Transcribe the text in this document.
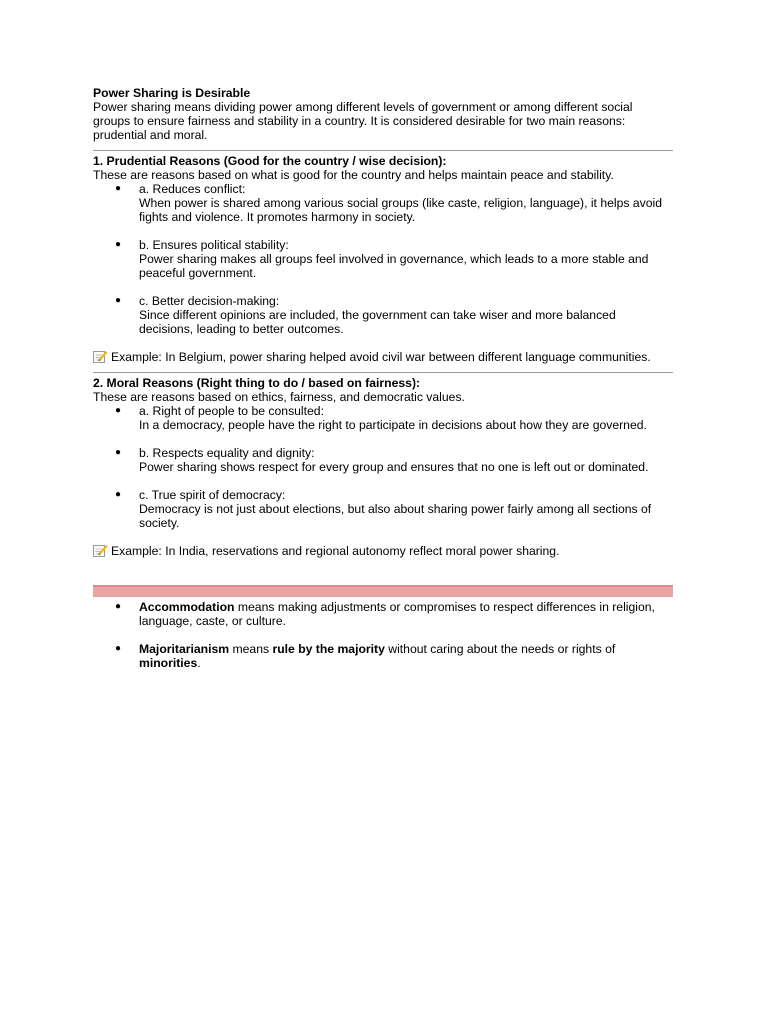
Power Sharing is Desirable

Power sharing means dividing power among different levels of government or among different social groups to ensure fairness and stability in a country. It is considered desirable for two main reasons: prudential and moral.

1. Prudential Reasons (Good for the country / wise decision):

These are reasons based on what is good for the country and helps maintain peace and stability.

● a. Reduces conflict:
When power is shared among various social groups (like caste, religion, language), it helps avoid fights and violence. It promotes harmony in society.
● b. Ensures political stability:
Power sharing makes all groups feel involved in governance, which leads to a more stable and peaceful government.
● c. Better decision-making:
Since different opinions are included, the government can take wiser and more balanced decisions, leading to better outcomes.

Example: In Belgium, power sharing helped avoid civil war between different language communities.

2. Moral Reasons (Right thing to do / based on fairness):

These are reasons based on ethics, fairness, and democratic values.

● a. Right of people to be consulted:
In a democracy, people have the right to participate in decisions about how they are governed.
● b. Respects equality and dignity:
Power sharing shows respect for every group and ensures that no one is left out or dominated.
● c. True spirit of democracy:
Democracy is not just about elections, but also about sharing power fairly among all sections of society.

Example: In India, reservations and regional autonomy reflect moral power sharing.

● Accommodation means making adjustments or compromises to respect differences in religion, language, caste, or culture.
● Majoritarianism means rule by the majority without caring about the needs or rights of minorities.
